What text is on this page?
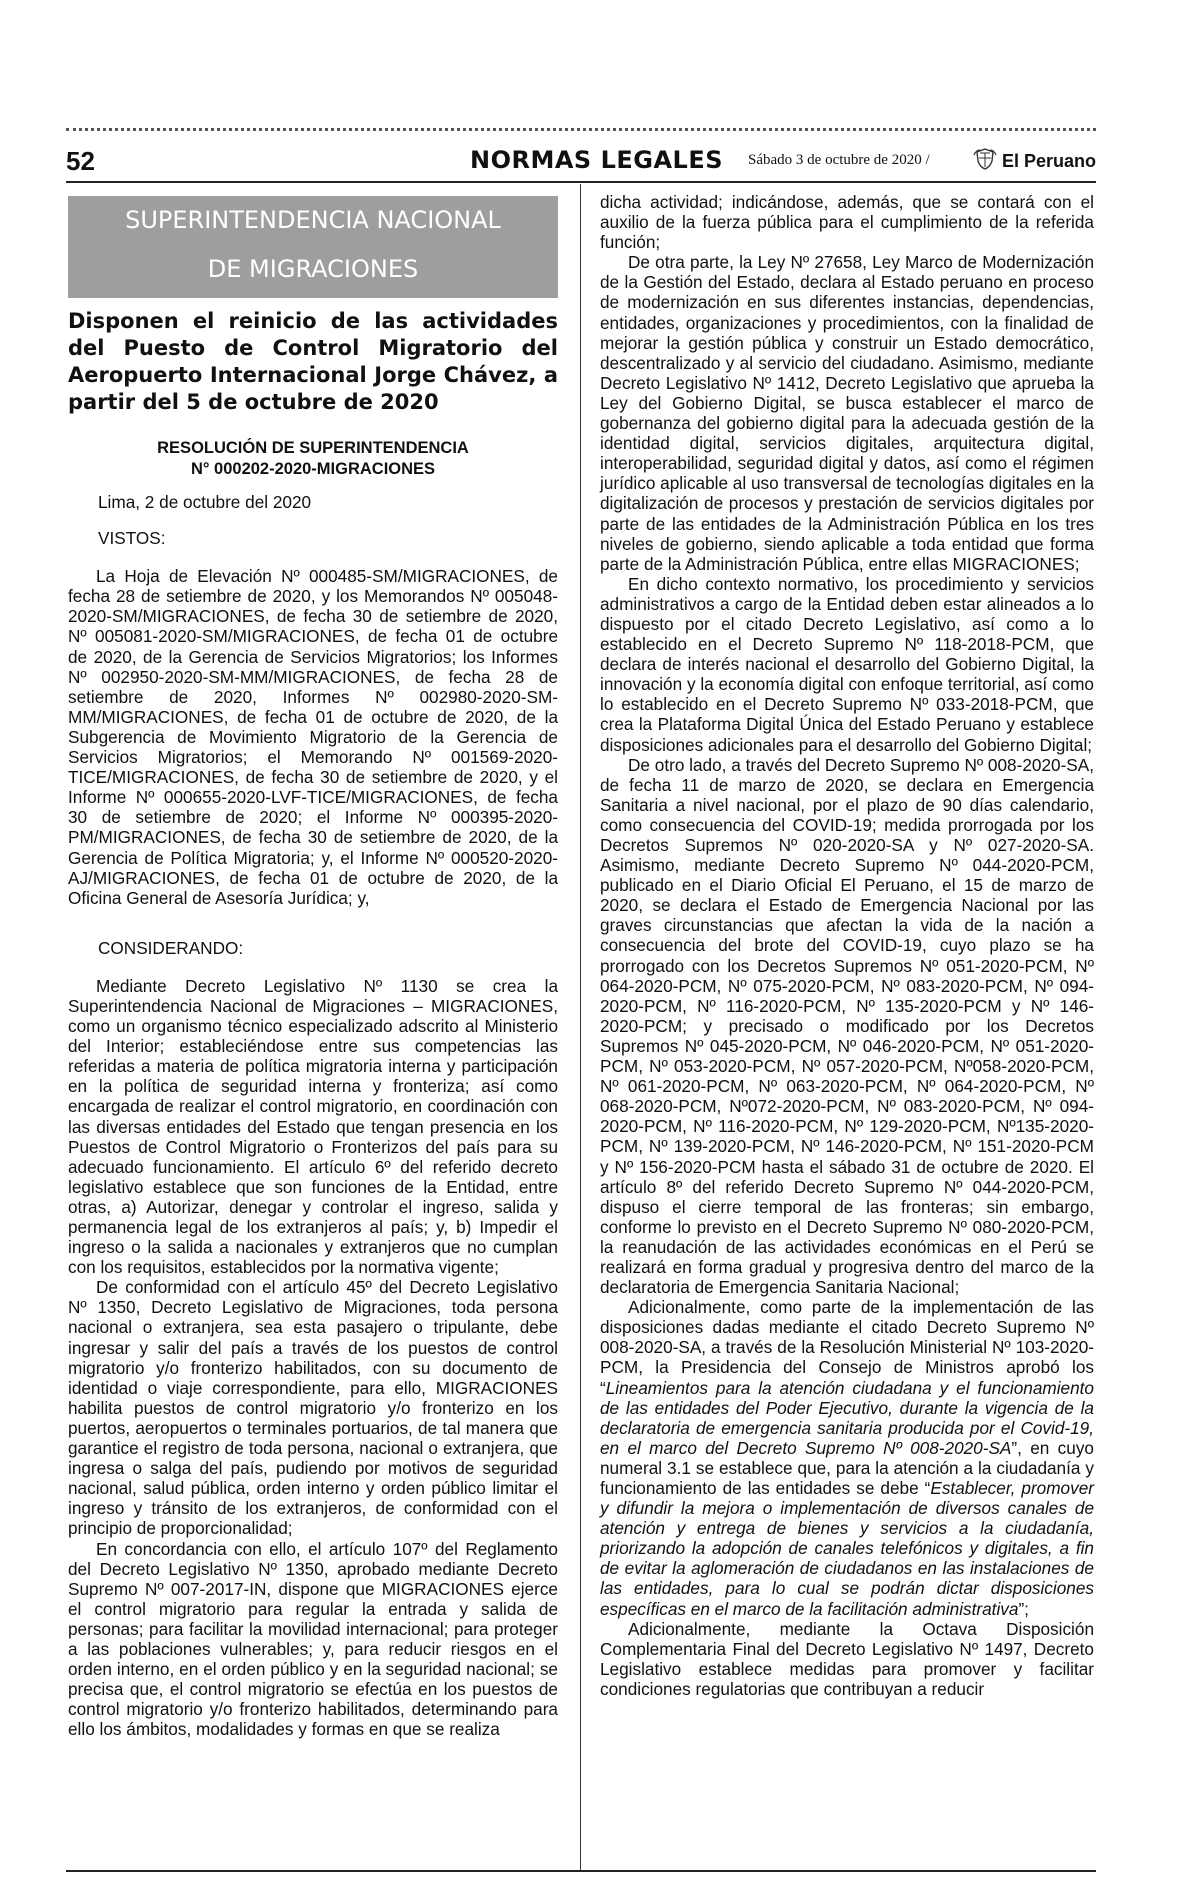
52	NORMAS LEGALES Sábado 3 de octubre de 2020 /	El Peruano
SUPERINTENDENCIA NACIONAL
DE MIGRACIONES
Disponen el reinicio de las actividades del Puesto de Control Migratorio del Aeropuerto Internacional Jorge Chávez, a partir del 5 de octubre de 2020
RESOLUCIÓN DE SUPERINTENDENCIA
N° 000202-2020-MIGRACIONES

Lima, 2 de octubre del 2020

VISTOS:

La Hoja de Elevación Nº 000485-SM/MIGRACIONES, de fecha 28 de setiembre de 2020, y los Memorandos Nº 005048-2020-SM/MIGRACIONES, de fecha 30 de setiembre de 2020, Nº 005081-2020-SM/MIGRACIONES, de fecha 01 de octubre de 2020, de la Gerencia de Servicios Migratorios; los Informes Nº 002950-2020-SM-MM/MIGRACIONES, de fecha 28 de setiembre de 2020, Informes Nº 002980-2020-SM-MM/MIGRACIONES, de fecha 01 de octubre de 2020, de la Subgerencia de Movimiento Migratorio de la Gerencia de Servicios Migratorios; el Memorando Nº 001569-2020-TICE/MIGRACIONES, de fecha 30 de setiembre de 2020, y el Informe Nº 000655-2020-LVF-TICE/MIGRACIONES, de fecha 30 de setiembre de 2020; el Informe Nº 000395-2020-PM/MIGRACIONES, de fecha 30 de setiembre de 2020, de la Gerencia de Política Migratoria; y, el Informe Nº 000520-2020-AJ/MIGRACIONES, de fecha 01 de octubre de 2020, de la Oficina General de Asesoría Jurídica; y,

CONSIDERANDO:

Mediante Decreto Legislativo Nº 1130 se crea la Superintendencia Nacional de Migraciones – MIGRACIONES, como un organismo técnico especializado adscrito al Ministerio del Interior; estableciéndose entre sus competencias las referidas a materia de política migratoria interna y participación en la política de seguridad interna y fronteriza; así como encargada de realizar el control migratorio, en coordinación con las diversas entidades del Estado que tengan presencia en los Puestos de Control Migratorio o Fronterizos del país para su adecuado funcionamiento. El artículo 6º del referido decreto legislativo establece que son funciones de la Entidad, entre otras, a) Autorizar, denegar y controlar el ingreso, salida y permanencia legal de los extranjeros al país; y, b) Impedir el ingreso o la salida a nacionales y extranjeros que no cumplan con los requisitos, establecidos por la normativa vigente;

De conformidad con el artículo 45º del Decreto Legislativo Nº 1350, Decreto Legislativo de Migraciones, toda persona nacional o extranjera, sea esta pasajero o tripulante, debe ingresar y salir del país a través de los puestos de control migratorio y/o fronterizo habilitados, con su documento de identidad o viaje correspondiente, para ello, MIGRACIONES habilita puestos de control migratorio y/o fronterizo en los puertos, aeropuertos o terminales portuarios, de tal manera que garantice el registro de toda persona, nacional o extranjera, que ingresa o salga del país, pudiendo por motivos de seguridad nacional, salud pública, orden interno y orden público limitar el ingreso y tránsito de los extranjeros, de conformidad con el principio de proporcionalidad;

En concordancia con ello, el artículo 107º del Reglamento del Decreto Legislativo Nº 1350, aprobado mediante Decreto Supremo Nº 007-2017-IN, dispone que MIGRACIONES ejerce el control migratorio para regular la entrada y salida de personas; para facilitar la movilidad internacional; para proteger a las poblaciones vulnerables; y, para reducir riesgos en el orden interno, en el orden público y en la seguridad nacional; se precisa que, el control migratorio se efectúa en los puestos de control migratorio y/o fronterizo habilitados, determinando para ello los ámbitos, modalidades y formas en que se realiza

dicha actividad; indicándose, además, que se contará con el auxilio de la fuerza pública para el cumplimiento de la referida función;

De otra parte, la Ley Nº 27658, Ley Marco de Modernización de la Gestión del Estado, declara al Estado peruano en proceso de modernización en sus diferentes instancias, dependencias, entidades, organizaciones y procedimientos, con la finalidad de mejorar la gestión pública y construir un Estado democrático, descentralizado y al servicio del ciudadano. Asimismo, mediante Decreto Legislativo Nº 1412, Decreto Legislativo que aprueba la Ley del Gobierno Digital, se busca establecer el marco de gobernanza del gobierno digital para la adecuada gestión de la identidad digital, servicios digitales, arquitectura digital, interoperabilidad, seguridad digital y datos, así como el régimen jurídico aplicable al uso transversal de tecnologías digitales en la digitalización de procesos y prestación de servicios digitales por parte de las entidades de la Administración Pública en los tres niveles de gobierno, siendo aplicable a toda entidad que forma parte de la Administración Pública, entre ellas MIGRACIONES;

En dicho contexto normativo, los procedimiento y servicios administrativos a cargo de la Entidad deben estar alineados a lo dispuesto por el citado Decreto Legislativo, así como a lo establecido en el Decreto Supremo Nº 118-2018-PCM, que declara de interés nacional el desarrollo del Gobierno Digital, la innovación y la economía digital con enfoque territorial, así como lo establecido en el Decreto Supremo Nº 033-2018-PCM, que crea la Plataforma Digital Única del Estado Peruano y establece disposiciones adicionales para el desarrollo del Gobierno Digital;

De otro lado, a través del Decreto Supremo Nº 008-2020-SA, de fecha 11 de marzo de 2020, se declara en Emergencia Sanitaria a nivel nacional, por el plazo de 90 días calendario, como consecuencia del COVID-19; medida prorrogada por los Decretos Supremos Nº 020-2020-SA y Nº 027-2020-SA. Asimismo, mediante Decreto Supremo Nº 044-2020-PCM, publicado en el Diario Oficial El Peruano, el 15 de marzo de 2020, se declara el Estado de Emergencia Nacional por las graves circunstancias que afectan la vida de la nación a consecuencia del brote del COVID-19, cuyo plazo se ha prorrogado con los Decretos Supremos Nº 051-2020-PCM, Nº 064-2020-PCM, Nº 075-2020-PCM, Nº 083-2020-PCM, Nº 094-2020-PCM, Nº 116-2020-PCM, Nº 135-2020-PCM y Nº 146-2020-PCM; y precisado o modificado por los Decretos Supremos Nº 045-2020-PCM, Nº 046-2020-PCM, Nº 051-2020-PCM, Nº 053-2020-PCM, Nº 057-2020-PCM, Nº058-2020-PCM, Nº 061-2020-PCM, Nº 063-2020-PCM, Nº 064-2020-PCM, Nº 068-2020-PCM, Nº072-2020-PCM, Nº 083-2020-PCM, Nº 094-2020-PCM, Nº 116-2020-PCM, Nº 129-2020-PCM, Nº135-2020-PCM, Nº 139-2020-PCM, Nº 146-2020-PCM, Nº 151-2020-PCM y Nº 156-2020-PCM hasta el sábado 31 de octubre de 2020. El artículo 8º del referido Decreto Supremo Nº 044-2020-PCM, dispuso el cierre temporal de las fronteras; sin embargo, conforme lo previsto en el Decreto Supremo Nº 080-2020-PCM, la reanudación de las actividades económicas en el Perú se realizará en forma gradual y progresiva dentro del marco de la declaratoria de Emergencia Sanitaria Nacional;

Adicionalmente, como parte de la implementación de las disposiciones dadas mediante el citado Decreto Supremo Nº 008-2020-SA, a través de la Resolución Ministerial Nº 103-2020-PCM, la Presidencia del Consejo de Ministros aprobó los “Lineamientos para la atención ciudadana y el funcionamiento de las entidades del Poder Ejecutivo, durante la vigencia de la declaratoria de emergencia sanitaria producida por el Covid-19, en el marco del Decreto Supremo Nº 008-2020-SA”, en cuyo numeral 3.1 se establece que, para la atención a la ciudadanía y funcionamiento de las entidades se debe “Establecer, promover y difundir la mejora o implementación de diversos canales de atención y entrega de bienes y servicios a la ciudadanía, priorizando la adopción de canales telefónicos y digitales, a fin de evitar la aglomeración de ciudadanos en las instalaciones de las entidades, para lo cual se podrán dictar disposiciones específicas en el marco de la facilitación administrativa”;

Adicionalmente, mediante la Octava Disposición Complementaria Final del Decreto Legislativo Nº 1497, Decreto Legislativo establece medidas para promover y facilitar condiciones regulatorias que contribuyan a reducir
